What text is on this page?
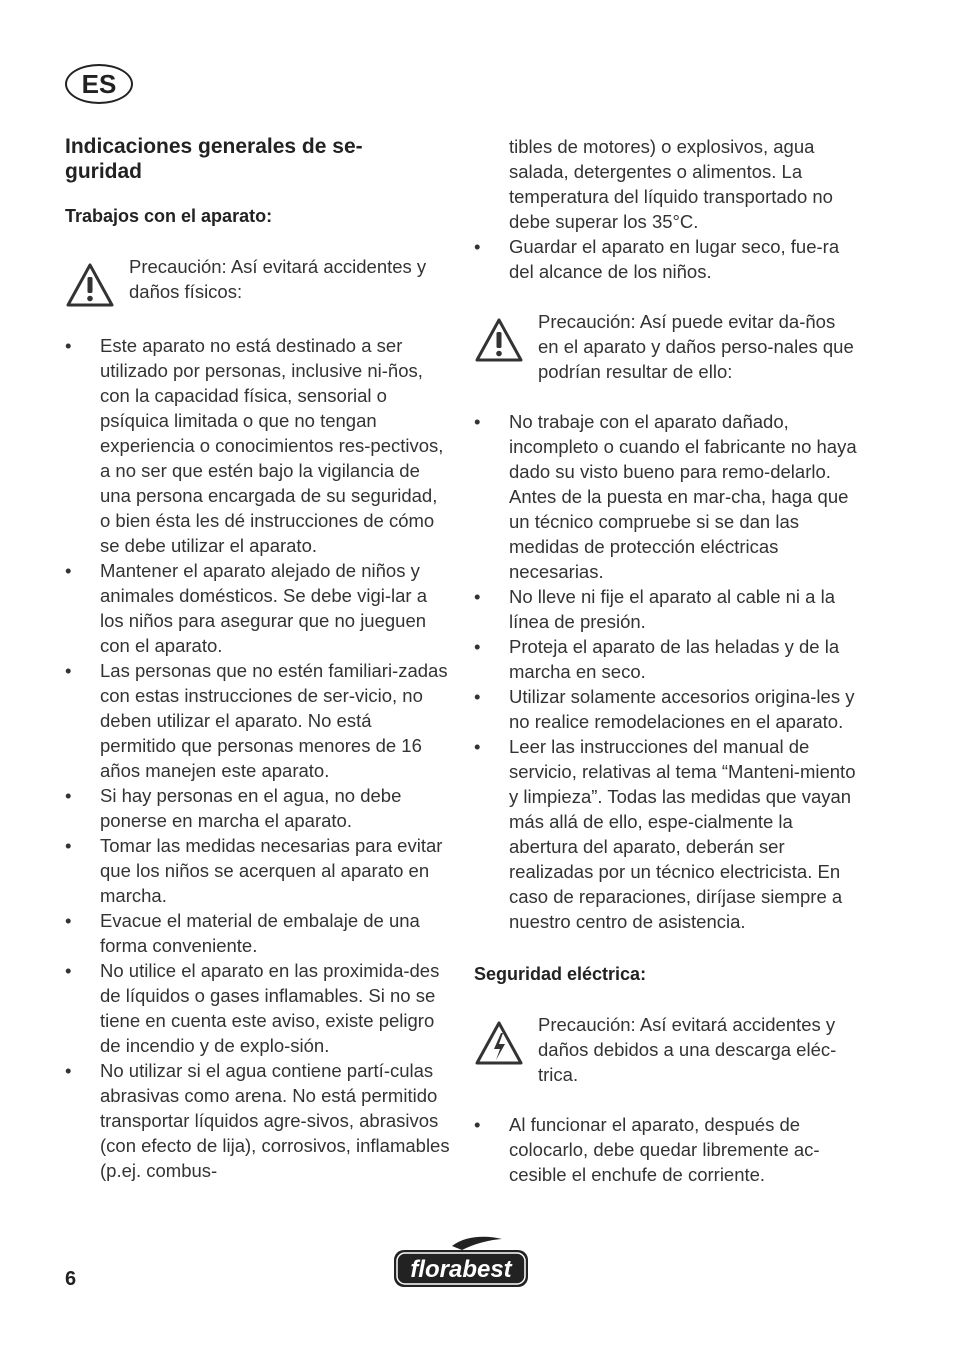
ES
Indicaciones generales de se-
guridad
Trabajos con el aparato:
Precaución: Así evitará accidentes y daños físicos:
• Este aparato no está destinado a ser utilizado por personas, inclusive ni-ños, con la capacidad física, sensorial o psíquica limitada o que no tengan experiencia o conocimientos res-pectivos, a no ser que estén bajo la vigilancia de una persona encargada de su seguridad, o bien ésta les dé instrucciones de cómo se debe utilizar el aparato.
• Mantener el aparato alejado de niños y animales domésticos. Se debe vigi-lar a los niños para asegurar que no jueguen con el aparato.
• Las personas que no estén familiari-zadas con estas instrucciones de ser-vicio, no deben utilizar el aparato. No está permitido que personas menores de 16 años manejen este aparato.
• Si hay personas en el agua, no debe ponerse en marcha el aparato.
• Tomar las medidas necesarias para evitar que los niños se acerquen al aparato en marcha.
• Evacue el material de embalaje de una forma conveniente.
• No utilice el aparato en las proximida-des de líquidos o gases inflamables. Si no se tiene en cuenta este aviso, existe peligro de incendio y de explo-sión.
• No utilizar si el agua contiene partí-culas abrasivas como arena. No está permitido transportar líquidos agre-sivos, abrasivos (con efecto de lija), corrosivos, inflamables (p.ej. combus-
tibles de motores) o explosivos, agua salada, detergentes o alimentos. La temperatura del líquido transportado no debe superar los 35°C.
• Guardar el aparato en lugar seco, fue-ra del alcance de los niños.
Precaución: Así puede evitar da-ños en el aparato y daños perso-nales que podrían resultar de ello:
• No trabaje con el aparato dañado, incompleto o cuando el fabricante no haya dado su visto bueno para remo-delarlo. Antes de la puesta en mar-cha, haga que un técnico compruebe si se dan las medidas de protección eléctricas necesarias.
• No lleve ni fije el aparato al cable ni a la línea de presión.
• Proteja el aparato de las heladas y de la marcha en seco.
• Utilizar solamente accesorios origina-les y no realice remodelaciones en el aparato.
• Leer las instrucciones del manual de servicio, relativas al tema “Manteni-miento y limpieza”. Todas las medidas que vayan más allá de ello, espe-cialmente la abertura del aparato, deberán ser realizadas por un técnico electricista. En caso de reparaciones, diríjase siempre a nuestro centro de asistencia.
Seguridad eléctrica:
Precaución: Así evitará accidentes y daños debidos a una descarga eléc-trica.
• Al funcionar el aparato, después de colocarlo, debe quedar libremente ac-cesible el enchufe de corriente.
6	florabest
